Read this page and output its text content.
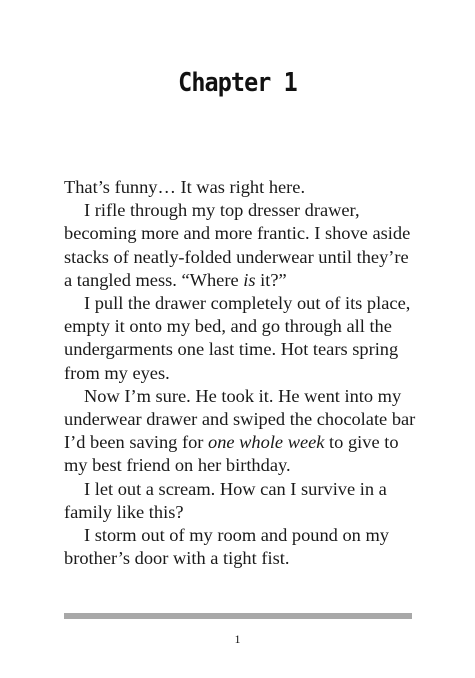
Chapter 1

That’s funny… It was right here.

I rifle through my top dresser drawer, becoming more and more frantic. I shove aside stacks of neatly-folded underwear until they’re a tangled mess. “Where is it?”

I pull the drawer completely out of its place, empty it onto my bed, and go through all the undergarments one last time. Hot tears spring from my eyes.

Now I’m sure. He took it. He went into my underwear drawer and swiped the chocolate bar I’d been saving for one whole week to give to my best friend on her birthday.

I let out a scream. How can I survive in a family like this?

I storm out of my room and pound on my brother’s door with a tight fist.

1
